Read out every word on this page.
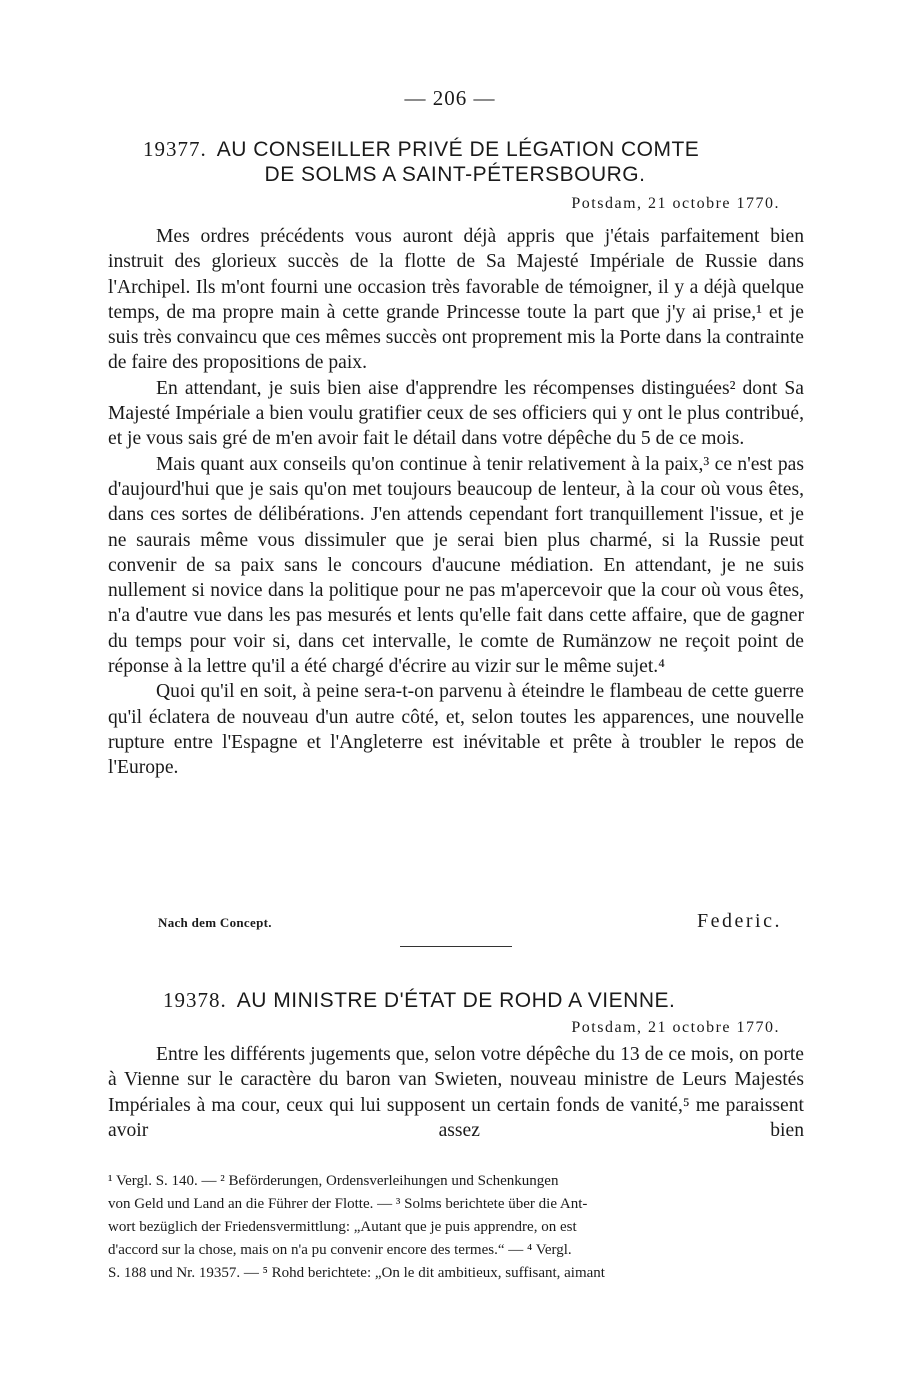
— 206 —
19377. AU CONSEILLER PRIVÉ DE LÉGATION COMTE
DE SOLMS A SAINT-PÉTERSBOURG.
Potsdam, 21 octobre 1770.

Mes ordres précédents vous auront déjà appris que j'étais parfaitement bien instruit des glorieux succès de la flotte de Sa Majesté Impériale de Russie dans l'Archipel. Ils m'ont fourni une occasion très favorable de témoigner, il y a déjà quelque temps, de ma propre main à cette grande Princesse toute la part que j'y ai prise,¹ et je suis très convaincu que ces mêmes succès ont proprement mis la Porte dans la contrainte de faire des propositions de paix.

En attendant, je suis bien aise d'apprendre les récompenses distinguées² dont Sa Majesté Impériale a bien voulu gratifier ceux de ses officiers qui y ont le plus contribué, et je vous sais gré de m'en avoir fait le détail dans votre dépêche du 5 de ce mois.

Mais quant aux conseils qu'on continue à tenir relativement à la paix,³ ce n'est pas d'aujourd'hui que je sais qu'on met toujours beaucoup de lenteur, à la cour où vous êtes, dans ces sortes de délibérations. J'en attends cependant fort tranquillement l'issue, et je ne saurais même vous dissimuler que je serai bien plus charmé, si la Russie peut convenir de sa paix sans le concours d'aucune médiation. En attendant, je ne suis nullement si novice dans la politique pour ne pas m'apercevoir que la cour où vous êtes, n'a d'autre vue dans les pas mesurés et lents qu'elle fait dans cette affaire, que de gagner du temps pour voir si, dans cet intervalle, le comte de Rumänzow ne reçoit point de réponse à la lettre qu'il a été chargé d'écrire au vizir sur le même sujet.⁴

Quoi qu'il en soit, à peine sera-t-on parvenu à éteindre le flambeau de cette guerre qu'il éclatera de nouveau d'un autre côté, et, selon toutes les apparences, une nouvelle rupture entre l'Espagne et l'Angleterre est inévitable et prête à troubler le repos de l'Europe.

Nach dem Concept.	Federic.
19378. AU MINISTRE D'ÉTAT DE ROHD A VIENNE.
Potsdam, 21 octobre 1770.

Entre les différents jugements que, selon votre dépêche du 13 de ce mois, on porte à Vienne sur le caractère du baron van Swieten, nouveau ministre de Leurs Majestés Impériales à ma cour, ceux qui lui supposent un certain fonds de vanité,⁵ me paraissent avoir assez bien

¹ Vergl. S. 140. — ² Beförderungen, Ordensverleihungen und Schenkungen
von Geld und Land an die Führer der Flotte. — ³ Solms berichtete über die Ant-
wort bezüglich der Friedensvermittlung: „Autant que je puis apprendre, on est
d'accord sur la chose, mais on n'a pu convenir encore des termes.“ — ⁴ Vergl.
S. 188 und Nr. 19357. — ⁵ Rohd berichtete: „On le dit ambitieux, suffisant, aimant
